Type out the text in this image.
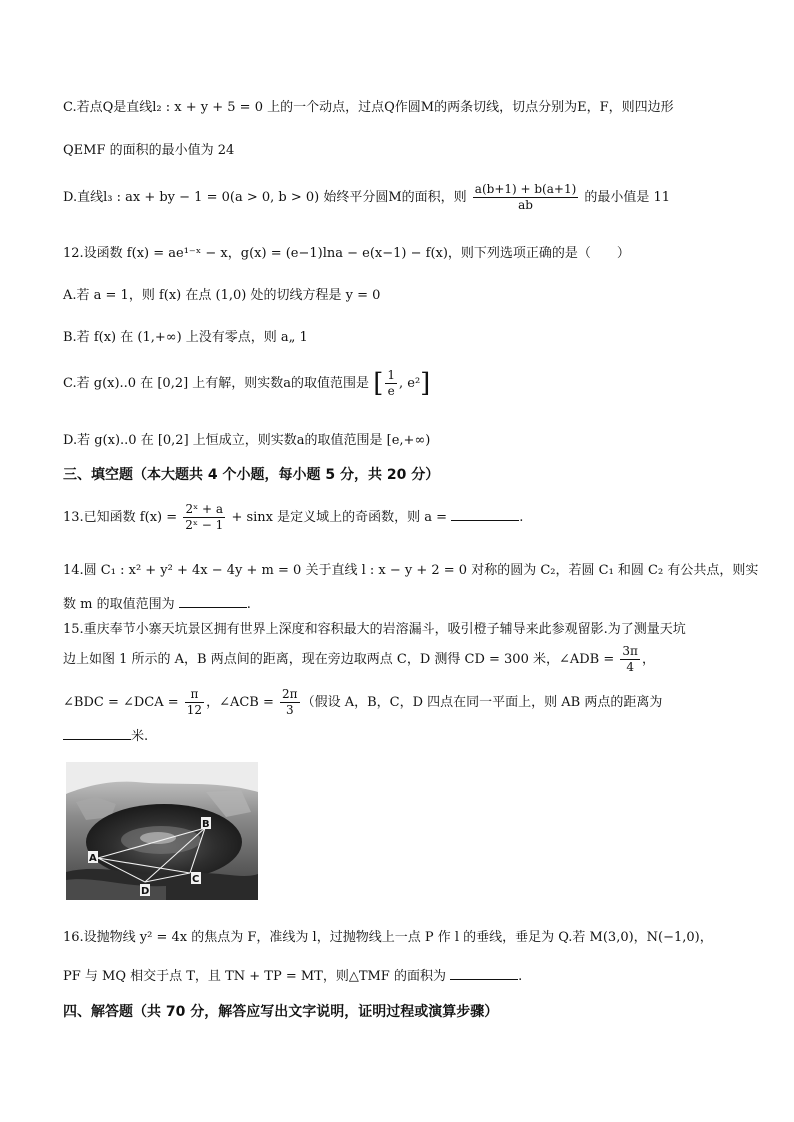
C.若点Q是直线l₂ : x + y + 5 = 0 上的一个动点，过点Q作圆M的两条切线，切点分别为E，F，则四边形
QEMF 的面积的最小值为 24
D.直线l₃ : ax + by − 1 = 0(a > 0, b > 0) 始终平分圆M的面积，则 $\frac{a(b+1) + b(a+1)}{ab}$ 的最小值是 11
12.设函数 f(x) = ae¹⁻ˣ − x，g(x) = (e−1)lna − e(x−1) − f(x)，则下列选项正确的是（　　）
A.若 a = 1，则 f(x) 在点 (1,0) 处的切线方程是 y = 0
B.若 f(x) 在 (1,+∞) 上没有零点，则 a„ 1
C.若 g(x)..0 在 [0,2] 上有解，则实数a的取值范围是 [ $\frac{1}{e}$ , e²]
D.若 g(x)..0 在 [0,2] 上恒成立，则实数a的取值范围是 [e,+∞)
三、填空题（本大题共 4 个小题，每小题 5 分，共 20 分）
13.已知函数 $f(x) = \frac{\text{2ˣ + a}}{\text{2ˣ − 1}} + \sin x$ 是定义域上的奇函数，则 a =	.
14.圆 C₁ : x² + y² + 4x − 4y + m = 0 关于直线 l : x − y + 2 = 0 对称的圆为 C₂，若圆 C₁ 和圆 C₂ 有公共点，则实
数 m 的取值范围为	.
15.重庆奉节小寨天坑景区拥有世界上深度和容积最大的岩溶漏斗，吸引橙子辅导来此参观留影.为了测量天坑
边上如图 1 所示的 A，B 两点间的距离，现在旁边取两点 C，D 测得 CD = 300 米，∠ADB = $\frac{3\pi}{4}$ ，
∠BDC = ∠DCA = $\frac{\pi}{12}$ ，∠ACB = $\frac{2\pi}{3}$ （假设 A，B，C，D 四点在同一平面上，则 AB 两点的距离为
米.
A
B
C
D
16.设抛物线 y² = 4x 的焦点为 F，准线为 l，过抛物线上一点 P 作 l 的垂线，垂足为 Q.若 M(3,0)，N(−1,0)，
PF 与 MQ 相交于点 T，且 TN + TP = MT，则△TMF 的面积为	.
四、解答题（共 70 分，解答应写出文字说明，证明过程或演算步骤）
